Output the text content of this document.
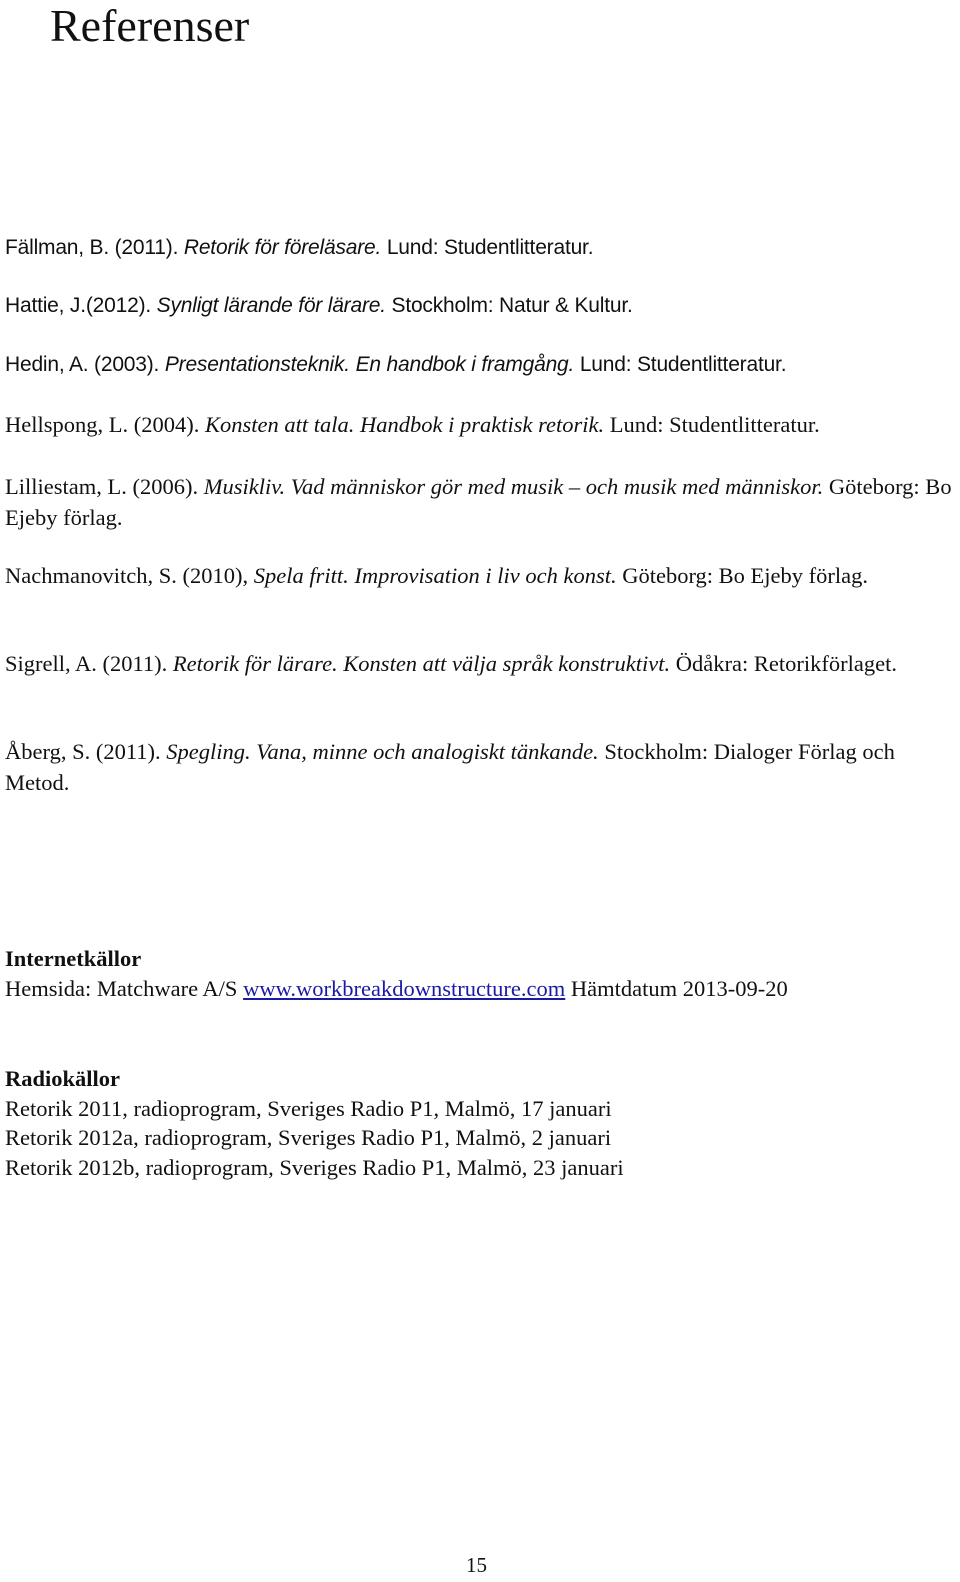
Referenser

Fällman, B. (2011). Retorik för föreläsare. Lund: Studentlitteratur.

Hattie, J.(2012). Synligt lärande för lärare. Stockholm: Natur & Kultur.

Hedin, A. (2003). Presentationsteknik. En handbok i framgång. Lund: Studentlitteratur.

Hellspong, L. (2004). Konsten att tala. Handbok i praktisk retorik. Lund: Studentlitteratur.

Lilliestam, L. (2006). Musikliv. Vad människor gör med musik – och musik med människor. Göteborg: Bo Ejeby förlag.

Nachmanovitch, S. (2010), Spela fritt. Improvisation i liv och konst. Göteborg: Bo Ejeby förlag.

Sigrell, A. (2011). Retorik för lärare. Konsten att välja språk konstruktivt. Ödåkra: Retorikförlaget.

Åberg, S. (2011). Spegling. Vana, minne och analogiskt tänkande. Stockholm: Dialoger Förlag och Metod.

Internetkällor
Hemsida: Matchware A/S www.workbreakdownstructure.com Hämtdatum 2013-09-20
Radiokällor
Retorik 2011, radioprogram, Sveriges Radio P1, Malmö, 17 januari
Retorik 2012a, radioprogram, Sveriges Radio P1, Malmö, 2 januari
Retorik 2012b, radioprogram, Sveriges Radio P1, Malmö, 23 januari
15
